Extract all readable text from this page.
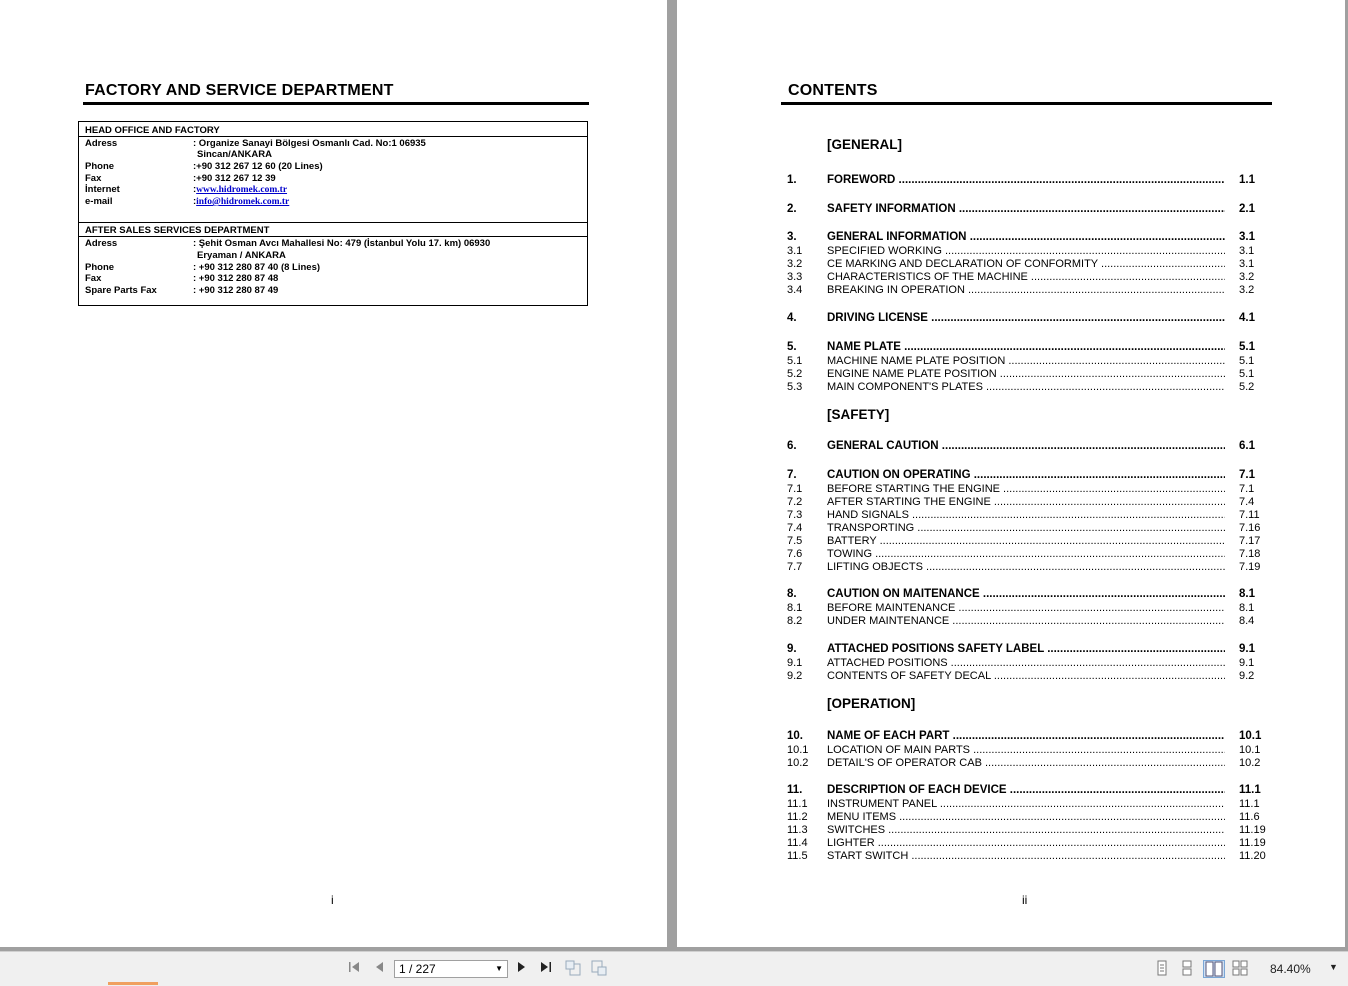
FACTORY AND SERVICE DEPARTMENT
HEAD OFFICE AND FACTORY
Adress	: Organize Sanayi Bölgesi Osmanlı Cad. No:1 06935
Sincan/ANKARA
Phone	:+90 312 267 12 60 (20 Lines)
Fax	:+90 312 267 12 39
İnternet	:www.hidromek.com.tr
e-mail	:info@hidromek.com.tr
AFTER SALES SERVICES DEPARTMENT
Adress	: Şehit Osman Avcı Mahallesi No: 479 (İstanbul Yolu 17. km) 06930
Eryaman / ANKARA
Phone	: +90 312 280 87 40 (8 Lines)
Fax	: +90 312 280 87 48
Spare Parts Fax	: +90 312 280 87 49
i
CONTENTS
[GENERAL]
[SAFETY]
[OPERATION]
1.	FOREWORD .....	1.1
2.	SAFETY INFORMATION .....	2.1
3.	GENERAL INFORMATION .....	3.1
3.1 SPECIFIED WORKING .....	3.1
3.2 CE MARKING AND DECLARATION OF CONFORMITY .....	3.1
3.3 CHARACTERISTICS OF THE MACHINE .....	3.2
3.4 BREAKING IN OPERATION .....	3.2
4.	DRIVING LICENSE .....	4.1
5.	NAME PLATE .....	5.1
5.1 MACHINE NAME PLATE POSITION .....	5.1
5.2 ENGINE NAME PLATE POSITION .....	5.1
5.3 MAIN COMPONENT'S PLATES .....	5.2
6.	GENERAL CAUTION .....	6.1
7.	CAUTION ON OPERATING .....	7.1
7.1 BEFORE STARTING THE ENGINE .....	7.1
7.2 AFTER STARTING THE ENGINE .....	7.4
7.3 HAND SIGNALS .....	7.11
7.4 TRANSPORTING .....	7.16
7.5 BATTERY .....	7.17
7.6 TOWING .....	7.18
7.7 LIFTING OBJECTS .....	7.19
8.	CAUTION ON MAITENANCE .....	8.1
8.1 BEFORE MAINTENANCE .....	8.1
8.2 UNDER MAINTENANCE .....	8.4
9.	ATTACHED POSITIONS SAFETY LABEL .....	9.1
9.1 ATTACHED POSITIONS .....	9.1
9.2 CONTENTS OF SAFETY DECAL .....	9.2
10. NAME OF EACH PART .....	10.1
10.1 LOCATION OF MAIN PARTS .....	10.1
10.2 DETAIL'S OF OPERATOR CAB .....	10.2
11. DESCRIPTION OF EACH DEVICE .....	11.1
11.1 INSTRUMENT PANEL .....	11.1
11.2 MENU ITEMS .....	11.6
11.3 SWITCHES .....	11.19
11.4 LIGHTER .....	11.19
11.5 START SWITCH .....	11.20
ii
1 / 227	▼	84.40% ▼
